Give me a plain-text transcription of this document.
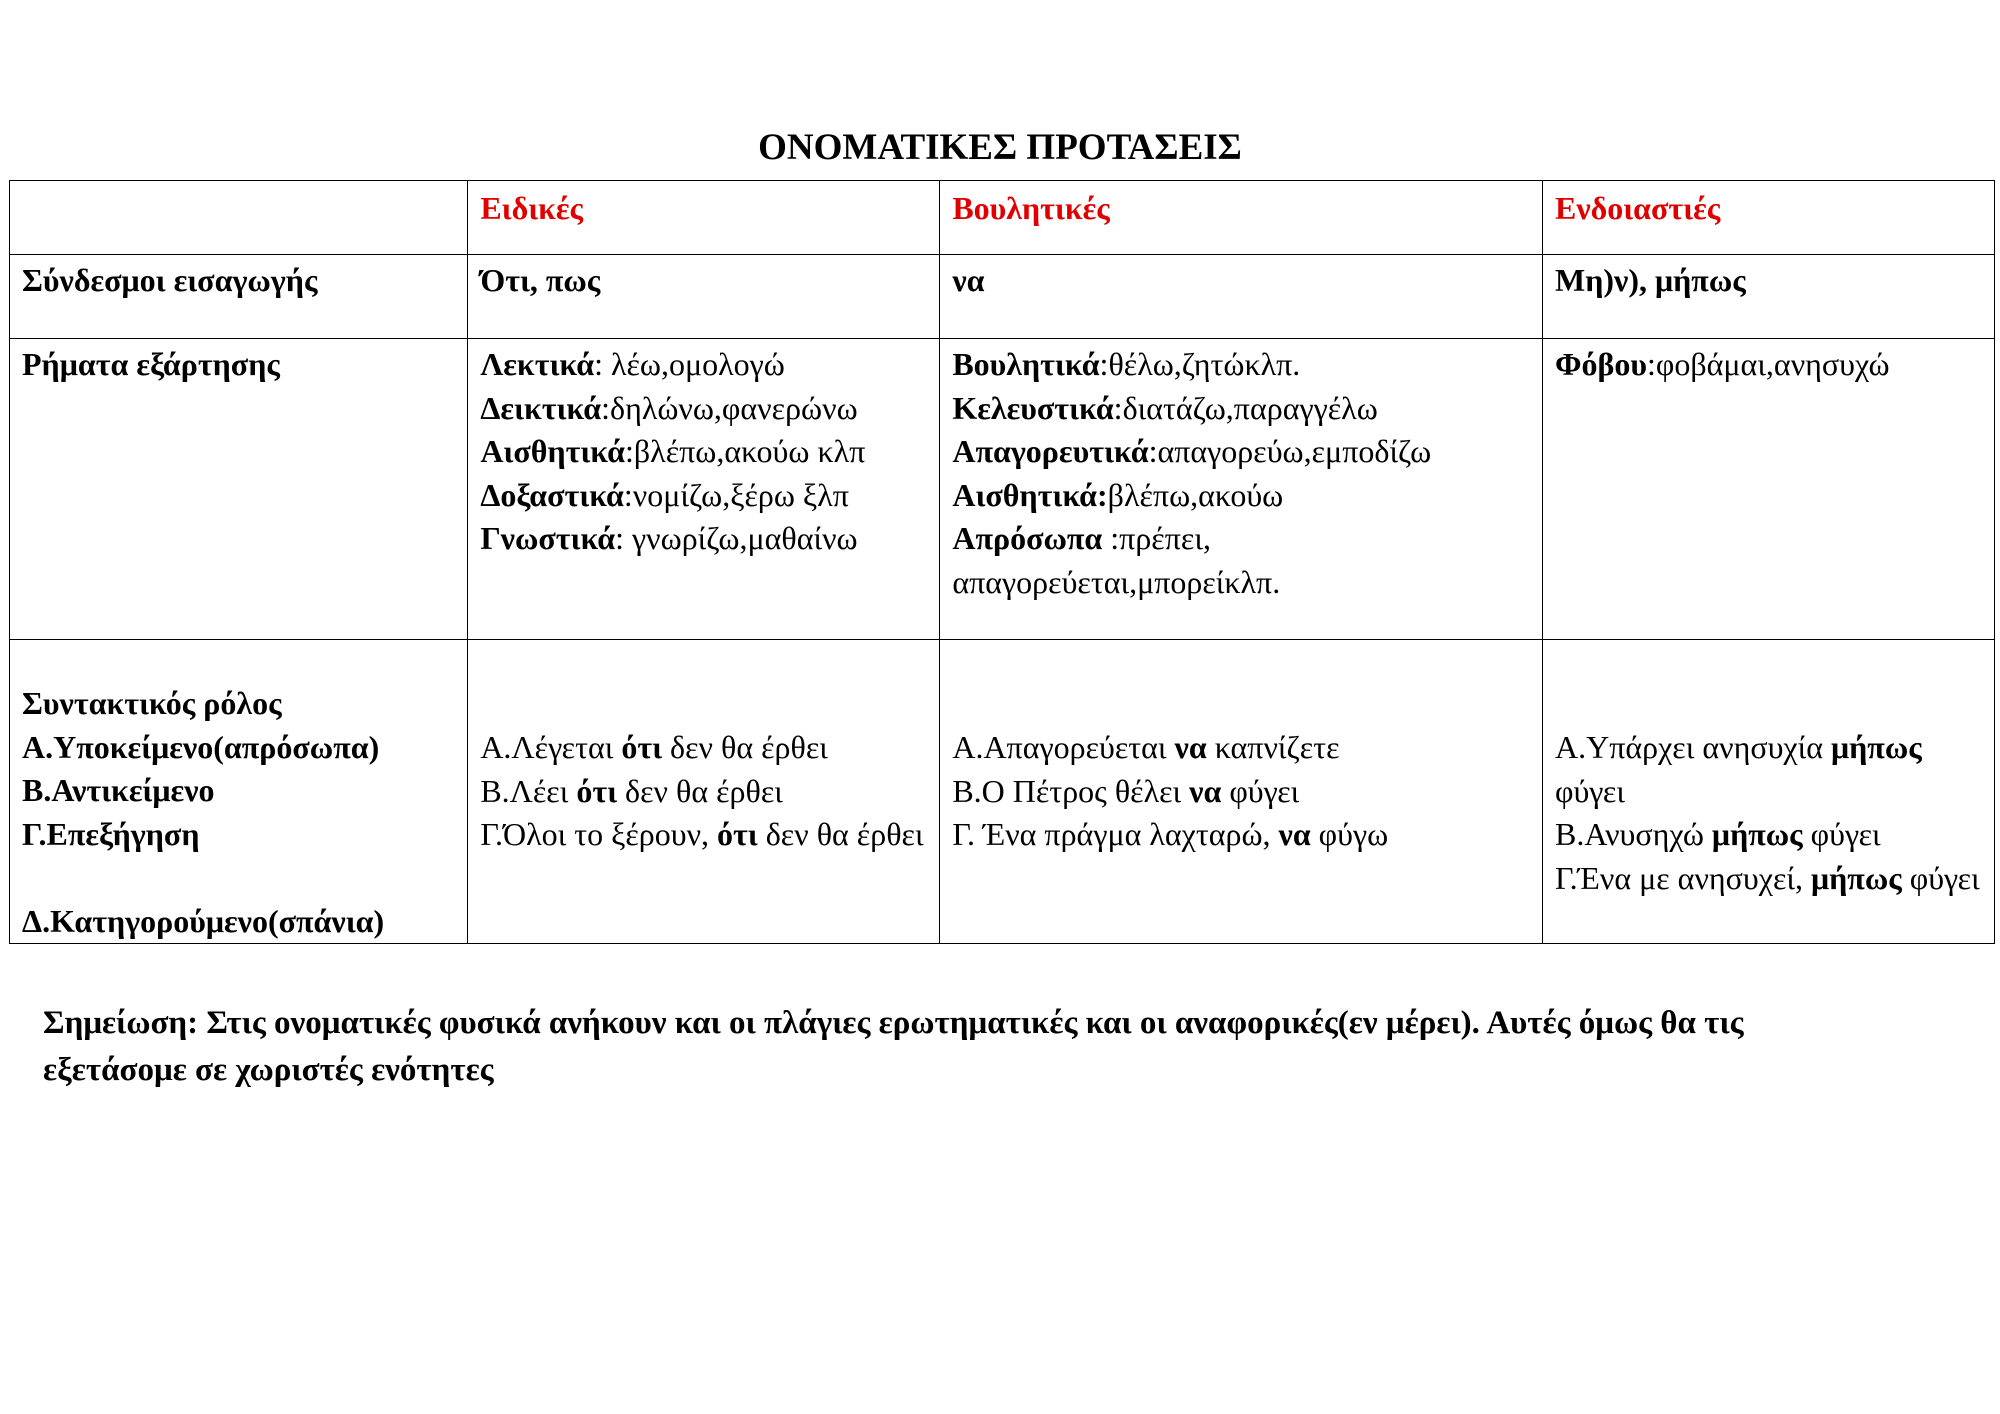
ΟΝΟΜΑΤΙΚΕΣ ΠΡΟΤΑΣΕΙΣ
	Ειδικές	Βουλητικές	Ενδοιαστιές
Σύνδεσμοι εισαγωγής	Ότι, πως	να	Μη)ν), μήπως
Ρήματα εξάρτησης	Λεκτικά: λέω,ομολογώ
Δεικτικά:δηλώνω,φανερώνω
Αισθητικά:βλέπω,ακούω κλπ
Δοξαστικά:νομίζω,ξέρω ξλπ
Γνωστικά: γνωρίζω,μαθαίνω	Βουλητικά:θέλω,ζητώκλπ.
Κελευστικά:διατάζω,παραγγέλω
Απαγορευτικά:απαγορεύω,εμποδίζω
Αισθητικά:βλέπω,ακούω
Απρόσωπα :πρέπει, απαγορεύεται,μπορείκλπ.	Φόβου:φοβάμαι,ανησυχώ

Συντακτικός ρόλος
Α.Υποκείμενο(απρόσωπα)
Β.Αντικείμενο
Γ.Επεξήγηση
Δ.Κατηγορούμενο(σπάνια)	Α.Λέγεται ότι δεν θα έρθει
Β.Λέει ότι δεν θα έρθει
Γ.Όλοι το ξέρουν, ότι δεν θα έρθει	Α.Απαγορεύεται να καπνίζετε
Β.Ο Πέτρος θέλει να φύγει
Γ. Ένα πράγμα λαχταρώ, να φύγω	Α.Υπάρχει ανησυχία μήπως φύγει
Β.Ανυσηχώ μήπως φύγει
Γ.Ένα με ανησυχεί, μήπως φύγει
Σημείωση: Στις ονοματικές φυσικά ανήκουν και οι πλάγιες ερωτηματικές και οι αναφορικές(εν μέρει). Αυτές όμως θα τις εξετάσομε σε χωριστές ενότητες
